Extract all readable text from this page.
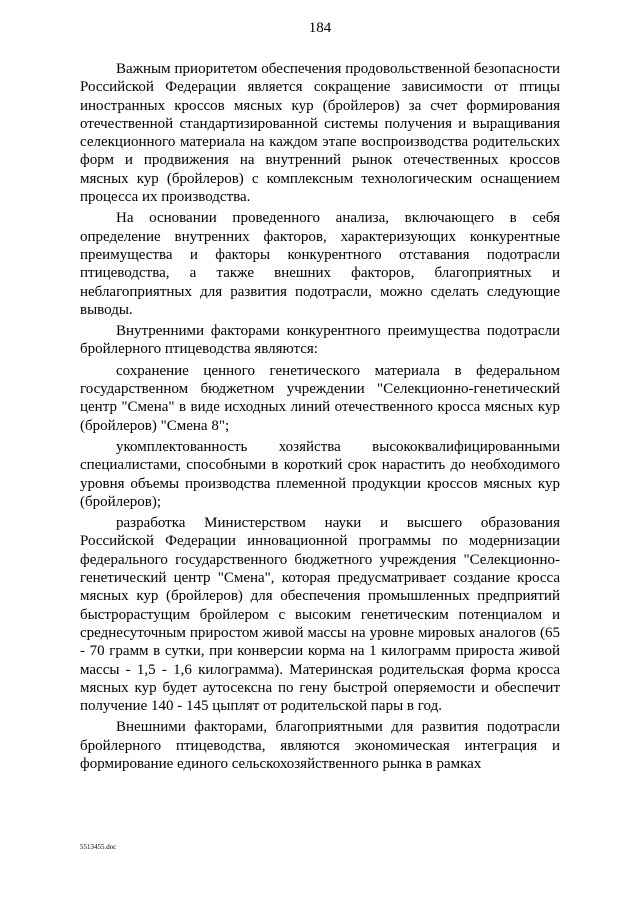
184

Важным приоритетом обеспечения продовольственной безопасности Российской Федерации является сокращение зависимости от птицы иностранных кроссов мясных кур (бройлеров) за счет формирования отечественной стандартизированной системы получения и выращивания селекционного материала на каждом этапе воспроизводства родительских форм и продвижения на внутренний рынок отечественных кроссов мясных кур (бройлеров) с комплексным технологическим оснащением процесса их производства.

На основании проведенного анализа, включающего в себя определение внутренних факторов, характеризующих конкурентные преимущества и факторы конкурентного отставания подотрасли птицеводства, а также внешних факторов, благоприятных и неблагоприятных для развития подотрасли, можно сделать следующие выводы.

Внутренними факторами конкурентного преимущества подотрасли бройлерного птицеводства являются:

сохранение ценного генетического материала в федеральном государственном бюджетном учреждении "Селекционно-генетический центр "Смена" в виде исходных линий отечественного кросса мясных кур (бройлеров) "Смена 8";

укомплектованность хозяйства высококвалифицированными специалистами, способными в короткий срок нарастить до необходимого уровня объемы производства племенной продукции кроссов мясных кур (бройлеров);

разработка Министерством науки и высшего образования Российской Федерации инновационной программы по модернизации федерального государственного бюджетного учреждения "Селекционно-генетический центр "Смена", которая предусматривает создание кросса мясных кур (бройлеров) для обеспечения промышленных предприятий быстрорастущим бройлером с высоким генетическим потенциалом и среднесуточным приростом живой массы на уровне мировых аналогов (65 - 70 грамм в сутки, при конверсии корма на 1 килограмм прироста живой массы - 1,5 - 1,6 килограмма). Материнская родительская форма кросса мясных кур будет аутосексна по гену быстрой оперяемости и обеспечит получение 140 - 145 цыплят от родительской пары в год.

Внешними факторами, благоприятными для развития подотрасли бройлерного птицеводства, являются экономическая интеграция и формирование единого сельскохозяйственного рынка в рамках

5513455.doc
